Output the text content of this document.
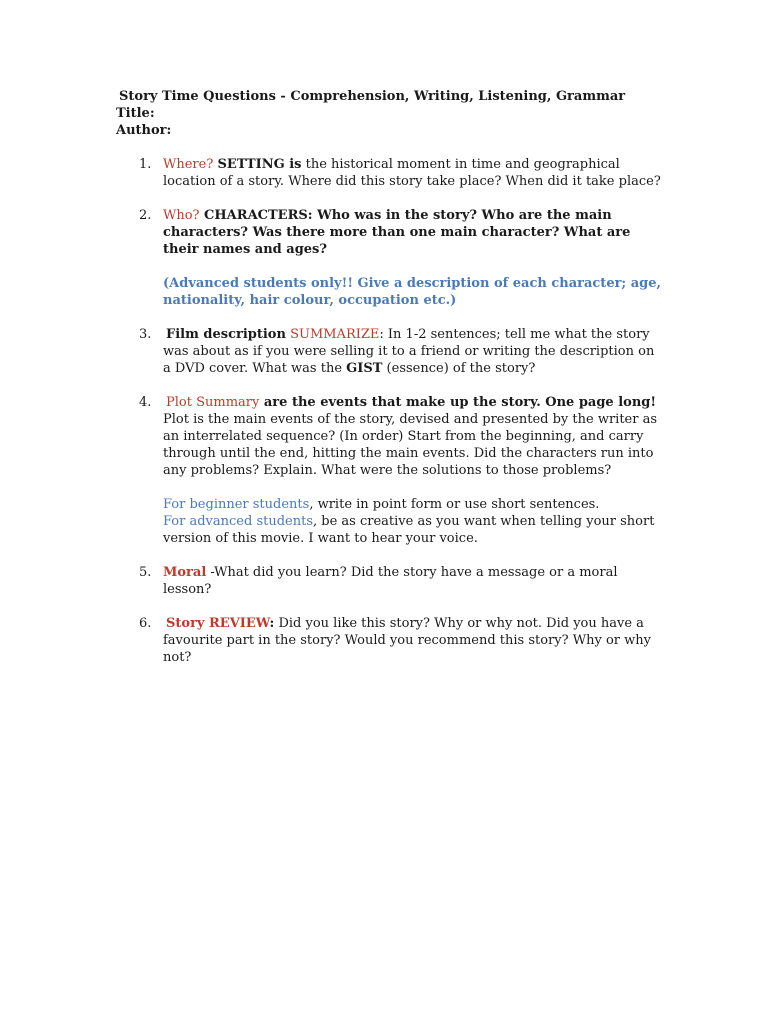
Story Time Questions - Comprehension, Writing, Listening, Grammar
Title:
Author:
1. Where? SETTING is the historical moment in time and geographical location of a story. Where did this story take place? When did it take place?
2. Who? CHARACTERS: Who was in the story? Who are the main characters? Was there more than one main character? What are their names and ages?
(Advanced students only!! Give a description of each character; age, nationality, hair colour, occupation etc.)
3.	Film description SUMMARIZE: In 1-2 sentences; tell me what the story was about as if you were selling it to a friend or writing the description on a DVD cover. What was the GIST (essence) of the story?
4.	Plot Summary are the events that make up the story. One page long!
Plot is the main events of the story, devised and presented by the writer as an interrelated sequence? (In order) Start from the beginning, and carry through until the end, hitting the main events. Did the characters run into any problems? Explain. What were the solutions to those problems?
For beginner students, write in point form or use short sentences.
For advanced students, be as creative as you want when telling your short version of this movie. I want to hear your voice.
5. Moral -What did you learn? Did the story have a message or a moral lesson?
6.	Story REVIEW: Did you like this story? Why or why not. Did you have a favourite part in the story? Would you recommend this story? Why or why not?
